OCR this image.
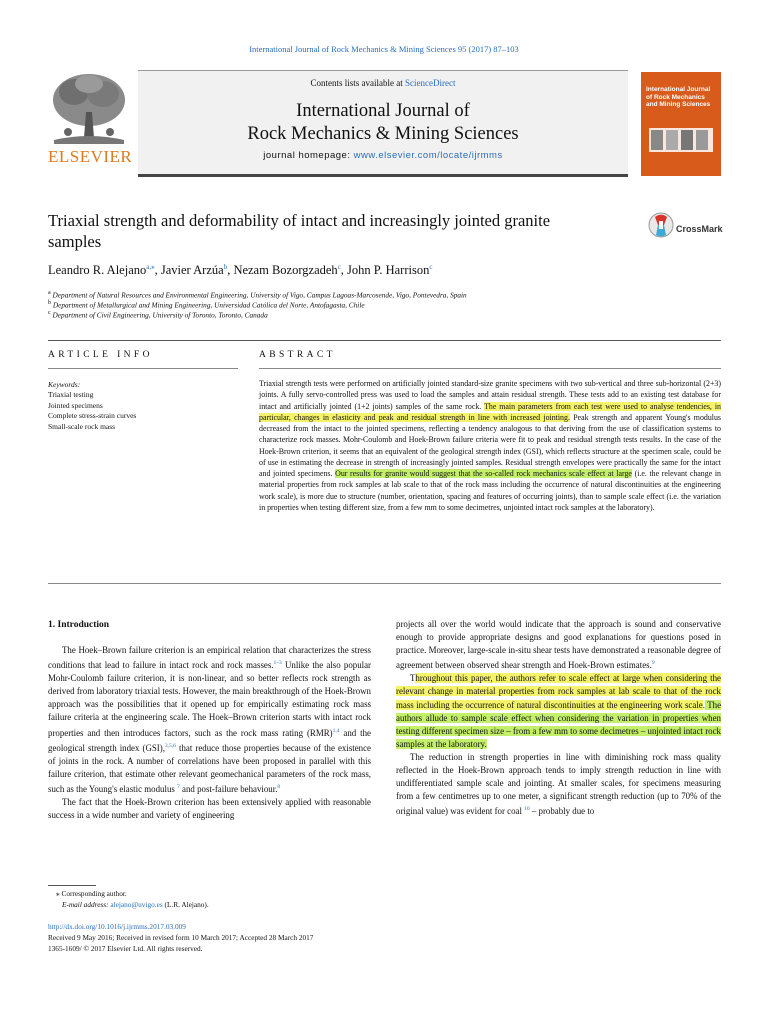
International Journal of Rock Mechanics & Mining Sciences 95 (2017) 87–103
Contents lists available at ScienceDirect
International Journal of
Rock Mechanics & Mining Sciences
journal homepage: www.elsevier.com/locate/ijrmms
ELSEVIER
International Journal of Rock Mechanics and Mining Sciences
Triaxial strength and deformability of intact and increasingly jointed granite
samples
CrossMark
Leandro R. Alejano$^{a,⁎}$, Javier Arzúa$^b$, Nezam Bozorgzadeh$^c$, John P. Harrison$^c$
$^a$ Department of Natural Resources and Environmental Engineering, University of Vigo, Campus Lagoas-Marcosende, Vigo, Pontevedra, Spain
$^b$ Department of Metallurgical and Mining Engineering, Universidad Católica del Norte, Antofagasta, Chile
$^c$ Department of Civil Engineering, University of Toronto, Toronto, Canada
ARTICLE INFO	ABSTRACT
Keywords:
Triaxial testing
Jointed specimens
Complete stress-strain curves
Small-scale rock mass
Triaxial strength tests were performed on artificially jointed standard-size granite specimens with two sub-vertical and three sub-horizontal (2+3) joints. A fully servo-controlled press was used to load the samples and attain residual strength. These tests add to an existing test database for intact and artificially jointed (1+2 joints) samples of the same rock. The main parameters from each test were used to analyse tendencies, in particular, changes in elasticity and peak and residual strength in line with increased jointing. Peak strength and apparent Young's modulus decreased from the intact to the jointed specimens, reflecting a tendency analogous to that deriving from the use of classification systems to characterize rock masses. Mohr-Coulomb and Hoek-Brown failure criteria were fit to peak and residual strength tests results. In the case of the Hoek-Brown criterion, it seems that an equivalent of the geological strength index (GSI), which reflects structure at the specimen scale, could be of use in estimating the decrease in strength of increasingly jointed samples. Residual strength envelopes were practically the same for the intact and jointed specimens. Our results for granite would suggest that the so-called rock mechanics scale effect at large (i.e. the relevant change in material properties from rock samples at lab scale to that of the rock mass including the occurrence of natural discontinuities at the engineering work scale), is more due to structure (number, orientation, spacing and features of occurring joints), than to sample scale effect (i.e. the variation in properties when testing different size, from a few mm to some decimetres, unjointed intact rock samples at the laboratory).
1. Introduction

The Hoek–Brown failure criterion is an empirical relation that characterizes the stress conditions that lead to failure in intact rock and rock masses.$^{1-3}$ Unlike the also popular Mohr-Coulomb failure criterion, it is non-linear, and so better reflects rock strength as derived from laboratory triaxial tests. However, the main breakthrough of the Hoek-Brown approach was the possibilities that it opened up for empirically estimating rock mass failure criteria at the engineering scale. The Hoek–Brown criterion starts with intact rock properties and then introduces factors, such as the rock mass rating (RMR)$^{1,4}$ and the geological strength index (GSI),$^{3,5,6}$ that reduce those properties because of the existence of joints in the rock. A number of correlations have been proposed in parallel with this failure criterion, that estimate other relevant geomechanical parameters of the rock mass, such as the Young's elastic modulus $^7$ and post-failure behaviour.$^8$

The fact that the Hoek-Brown criterion has been extensively applied with reasonable success in a wide number and variety of engineering

projects all over the world would indicate that the approach is sound and conservative enough to provide appropriate designs and good explanations for questions posed in practice. Moreover, large-scale in-situ shear tests have demonstrated a reasonable degree of agreement between observed shear strength and Hoek-Brown estimates.$^9$

Throughout this paper, the authors refer to scale effect at large when considering the relevant change in material properties from rock samples at lab scale to that of the rock mass including the occurrence of natural discontinuities at the engineering work scale. The authors allude to sample scale effect when considering the variation in properties when testing different specimen size – from a few mm to some decimetres – unjointed intact rock samples at the laboratory.

The reduction in strength properties in line with diminishing rock mass quality reflected in the Hoek-Brown approach tends to imply strength reduction in line with undifferentiated sample scale and jointing. At smaller scales, for specimens measuring from a few centimetres up to one meter, a significant strength reduction (up to 70% of the original value) was evident for coal $^{10}$ – probably due to

⁎ Corresponding author.
E-mail address: alejano@uvigo.es (L.R. Alejano).
http://dx.doi.org/10.1016/j.ijrmms.2017.03.009
Received 9 May 2016; Received in revised form 10 March 2017; Accepted 28 March 2017
1365-1609/ © 2017 Elsevier Ltd. All rights reserved.
